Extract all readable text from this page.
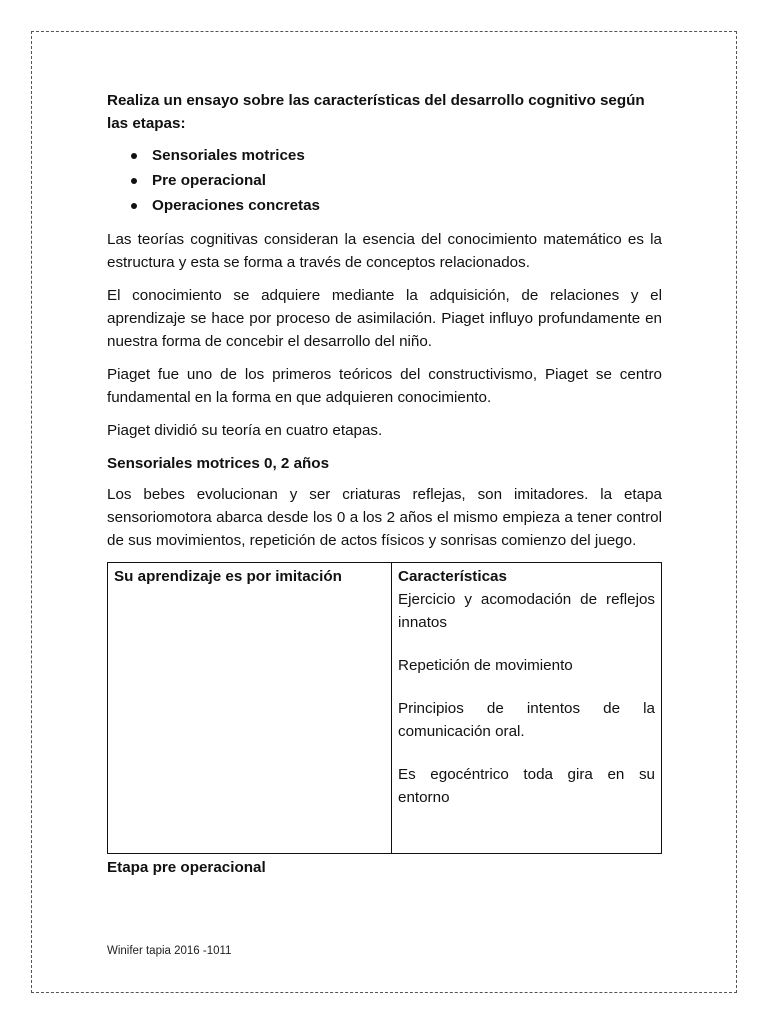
Realiza un ensayo sobre las características del desarrollo cognitivo según las etapas:

Sensoriales motrices
Pre operacional
Operaciones concretas

Las teorías cognitivas consideran la esencia del conocimiento matemático es la estructura y esta se forma a través de conceptos relacionados.

El conocimiento se adquiere mediante la adquisición, de relaciones y el aprendizaje se hace por proceso de asimilación. Piaget influyo profundamente en nuestra forma de concebir el desarrollo del niño.

Piaget fue uno de los primeros teóricos del constructivismo, Piaget se centro fundamental en la forma en que adquieren conocimiento.

Piaget dividió su teoría en cuatro etapas.

Sensoriales motrices 0, 2 años

Los bebes evolucionan y ser criaturas reflejas, son imitadores. la etapa sensoriomotora abarca desde los 0 a los 2 años el mismo empieza a tener control de sus movimientos, repetición de actos físicos y sonrisas comienzo del juego.

Su aprendizaje es por imitación	Características
Ejercicio y acomodación de reflejos innatos
Repetición de movimiento
Principios de intentos de la comunicación oral.
Es egocéntrico toda gira en su entorno

Etapa pre operacional

Winifer tapia 2016 -1011
